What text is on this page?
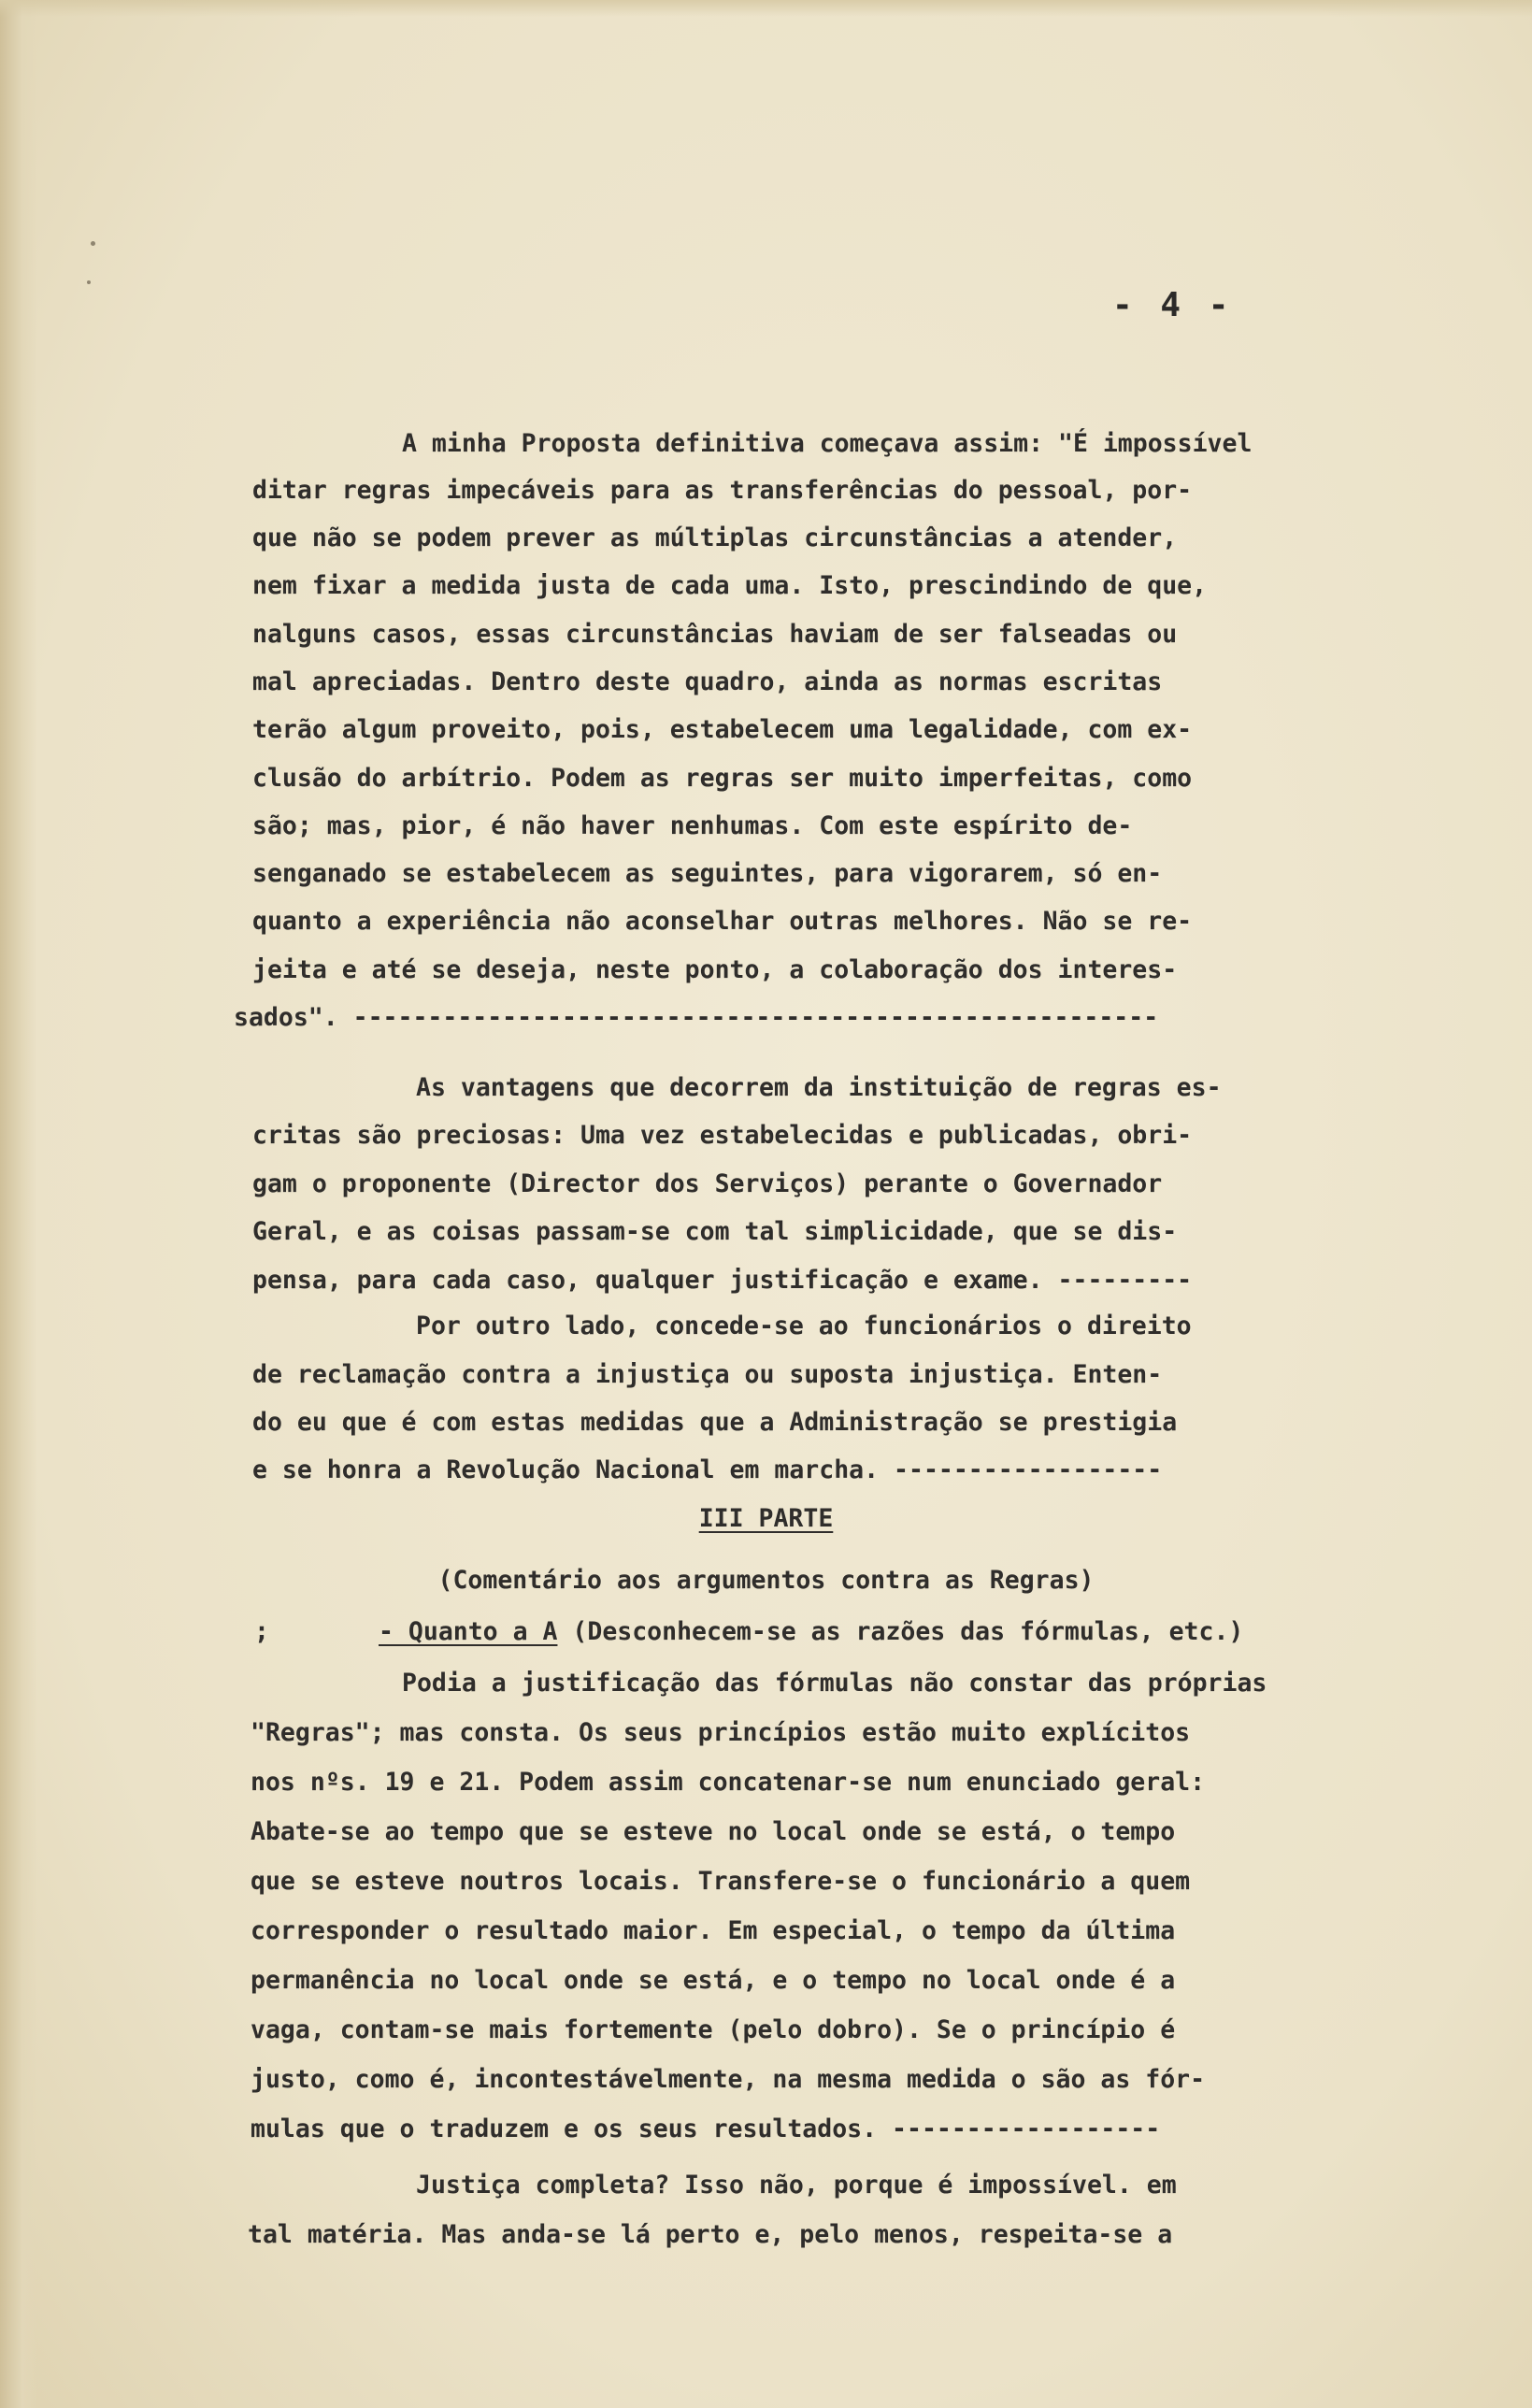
- 4 -

A minha Proposta definitiva começava assim: "É impossível

ditar regras impecáveis para as transferências do pessoal, por-

que não se podem prever as múltiplas circunstâncias a atender,

nem fixar a medida justa de cada uma. Isto, prescindindo de que,

nalguns casos, essas circunstâncias haviam de ser falseadas ou

mal apreciadas. Dentro deste quadro, ainda as normas escritas

terão algum proveito, pois, estabelecem uma legalidade, com ex-

clusão do arbítrio. Podem as regras ser muito imperfeitas, como

são; mas, pior, é não haver nenhumas. Com este espírito de-

senganado se estabelecem as seguintes, para vigorarem, só en-

quanto a experiência não aconselhar outras melhores. Não se re-

jeita e até se deseja, neste ponto, a colaboração dos interes-

sados". ------------------------------------------------------

As vantagens que decorrem da instituição de regras es-

critas são preciosas: Uma vez estabelecidas e publicadas, obri-

gam o proponente (Director dos Serviços) perante o Governador

Geral, e as coisas passam-se com tal simplicidade, que se dis-

pensa, para cada caso, qualquer justificação e exame. ---------

Por outro lado, concede-se ao funcionários o direito

de reclamação contra a injustiça ou suposta injustiça. Enten-

do eu que é com estas medidas que a Administração se prestigia

e se honra a Revolução Nacional em marcha. ------------------

III PARTE

(Comentário aos argumentos contra as Regras)

;	- Quanto a A (Desconhecem-se as razões das fórmulas, etc.)

Podia a justificação das fórmulas não constar das próprias

"Regras"; mas consta. Os seus princípios estão muito explícitos

nos nºs. 19 e 21. Podem assim concatenar-se num enunciado geral:

Abate-se ao tempo que se esteve no local onde se está, o tempo

que se esteve noutros locais. Transfere-se o funcionário a quem

corresponder o resultado maior. Em especial, o tempo da última

permanência no local onde se está, e o tempo no local onde é a

vaga, contam-se mais fortemente (pelo dobro). Se o princípio é

justo, como é, incontestávelmente, na mesma medida o são as fór-

mulas que o traduzem e os seus resultados. ------------------

Justiça completa? Isso não, porque é impossível. em

tal matéria. Mas anda-se lá perto e, pelo menos, respeita-se a
